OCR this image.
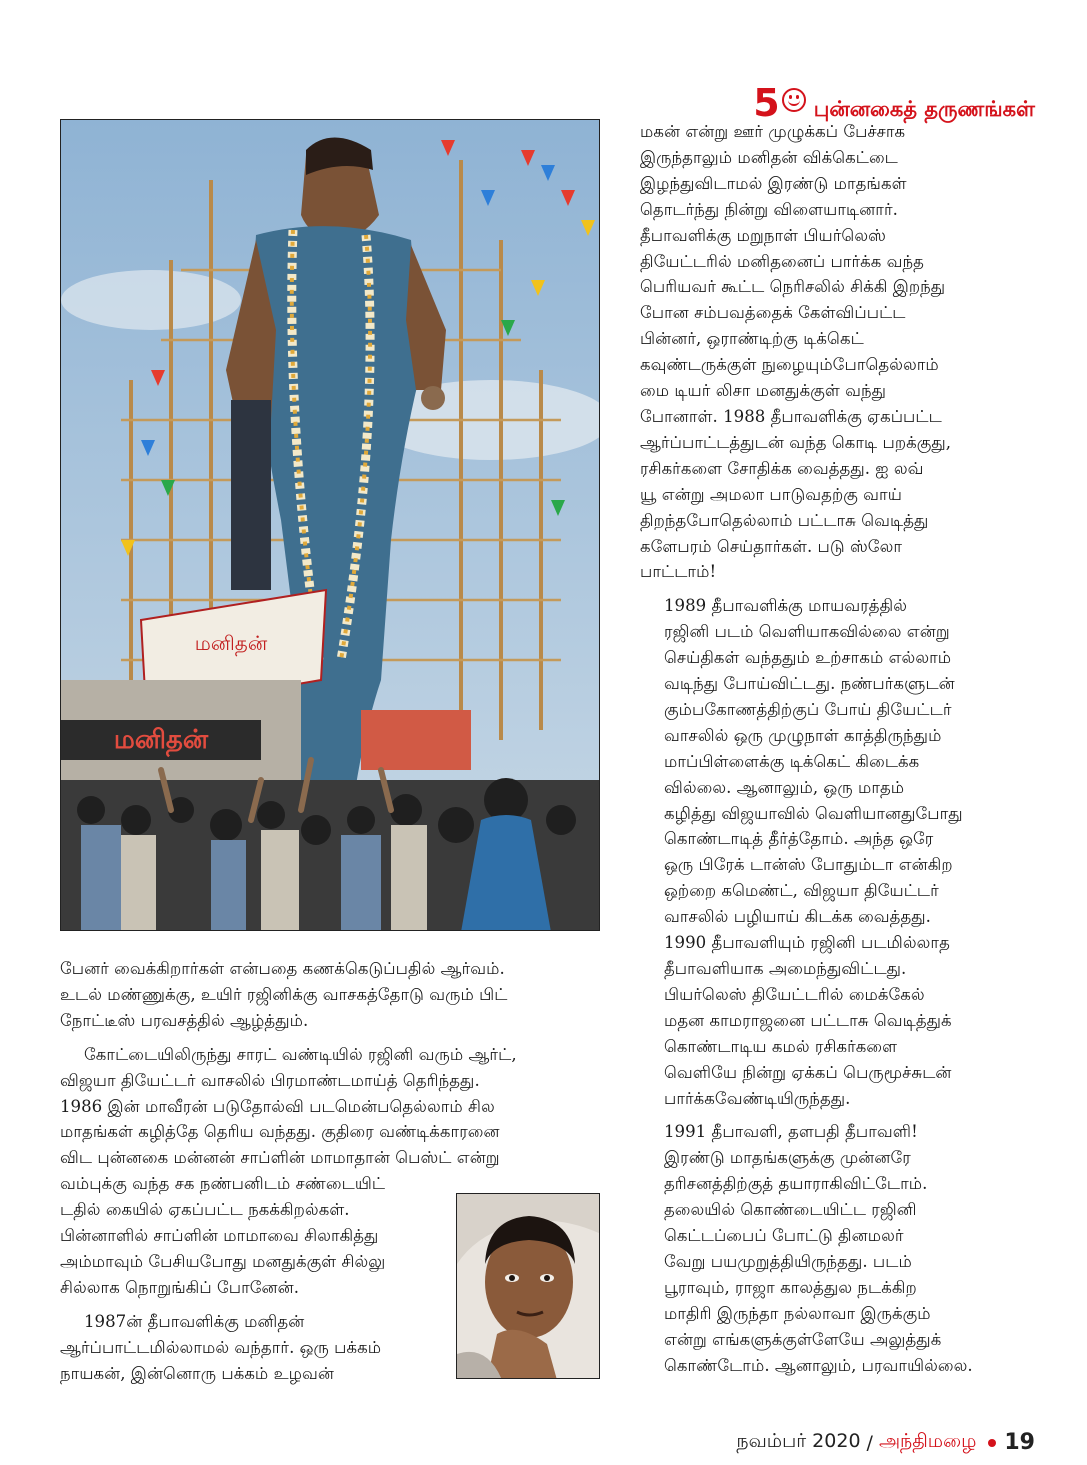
5 புன்னகைத் தருணங்கள்
மனிதன்
மனிதன்

மகன் என்று ஊர் முழுக்கப் பேச்சாக
இருந்தாலும் மனிதன் விக்கெட்டை
இழந்துவிடாமல் இரண்டு மாதங்கள்
தொடர்ந்து நின்று விளையாடினார்.
தீபாவளிக்கு மறுநாள் பியர்லெஸ்
தியேட்டரில் மனிதனைப் பார்க்க வந்த
பெரியவர் கூட்ட நெரிசலில் சிக்கி இறந்து
போன சம்பவத்தைக் கேள்விப்பட்ட
பின்னர், ஒராண்டிற்கு டிக்கெட்
கவுண்டருக்குள் நுழையும்போதெல்லாம்
மை டியர் லிசா மனதுக்குள் வந்து
போனாள். 1988 தீபாவளிக்கு ஏகப்பட்ட
ஆர்ப்பாட்டத்துடன் வந்த கொடி பறக்குது,
ரசிகர்களை சோதிக்க வைத்தது. ஐ லவ்
யூ என்று அமலா பாடுவதற்கு வாய்
திறந்தபோதெல்லாம் பட்டாசு வெடித்து
களேபரம் செய்தார்கள். படு ஸ்லோ
பாட்டாம்!

1989 தீபாவளிக்கு மாயவரத்தில்
ரஜினி படம் வெளியாகவில்லை என்று
செய்திகள் வந்ததும் உற்சாகம் எல்லாம்
வடிந்து போய்விட்டது. நண்பர்களுடன்
கும்பகோணத்திற்குப் போய் தியேட்டர்
வாசலில் ஒரு முழுநாள் காத்திருந்தும்
மாப்பிள்ளைக்கு டிக்கெட் கிடைக்க
வில்லை. ஆனாலும், ஒரு மாதம்
கழித்து விஜயாவில் வெளியானதுபோது
கொண்டாடித் தீர்த்தோம். அந்த ஒரே
ஒரு பிரேக் டான்ஸ் போதும்டா என்கிற
ஒற்றை கமெண்ட், விஜயா தியேட்டர்
வாசலில் பழியாய் கிடக்க வைத்தது.
1990 தீபாவளியும் ரஜினி படமில்லாத
தீபாவளியாக அமைந்துவிட்டது.
பியர்லெஸ் தியேட்டரில் மைக்கேல்
மதன காமராஜனை பட்டாசு வெடித்துக்
கொண்டாடிய கமல் ரசிகர்களை
வெளியே நின்று ஏக்கப் பெருமூச்சுடன்
பார்க்கவேண்டியிருந்தது.

1991 தீபாவளி, தளபதி தீபாவளி!
இரண்டு மாதங்களுக்கு முன்னரே
தரிசனத்திற்குத் தயாராகிவிட்டோம்.
தலையில் கொண்டையிட்ட ரஜினி
கெட்டப்பைப் போட்டு தினமலர்
வேறு பயமுறுத்தியிருந்தது. படம்
பூராவும், ராஜா காலத்துல நடக்கிற
மாதிரி இருந்தா நல்லாவா இருக்கும்
என்று எங்களுக்குள்ளேயே அலுத்துக்
கொண்டோம். ஆனாலும், பரவாயில்லை.

பேனர் வைக்கிறார்கள் என்பதை கணக்கெடுப்பதில் ஆர்வம்.
உடல் மண்ணுக்கு, உயிர் ரஜினிக்கு வாசகத்தோடு வரும் பிட்
நோட்டீஸ் பரவசத்தில் ஆழ்த்தும்.

கோட்டையிலிருந்து சாரட் வண்டியில் ரஜினி வரும் ஆர்ட்,
விஜயா தியேட்டர் வாசலில் பிரமாண்டமாய்த் தெரிந்தது.
1986 இன் மாவீரன் படுதோல்வி படமென்பதெல்லாம் சில
மாதங்கள் கழித்தே தெரிய வந்தது. குதிரை வண்டிக்காரனை
விட புன்னகை மன்னன் சாப்ளின் மாமாதான் பெஸ்ட் என்று
வம்புக்கு வந்த சக நண்பனிடம் சண்டையிட்
டதில் கையில் ஏகப்பட்ட நகக்கிறல்கள்.
பின்னாளில் சாப்ளின் மாமாவை சிலாகித்து
அம்மாவும் பேசியபோது மனதுக்குள் சில்லு
சில்லாக நொறுங்கிப் போனேன்.

1987ன் தீபாவளிக்கு மனிதன்
ஆர்ப்பாட்டமில்லாமல் வந்தார். ஒரு பக்கம்
நாயகன், இன்னொரு பக்கம் உழவன்

நவம்பர் 2020 / அந்திமழை 19
